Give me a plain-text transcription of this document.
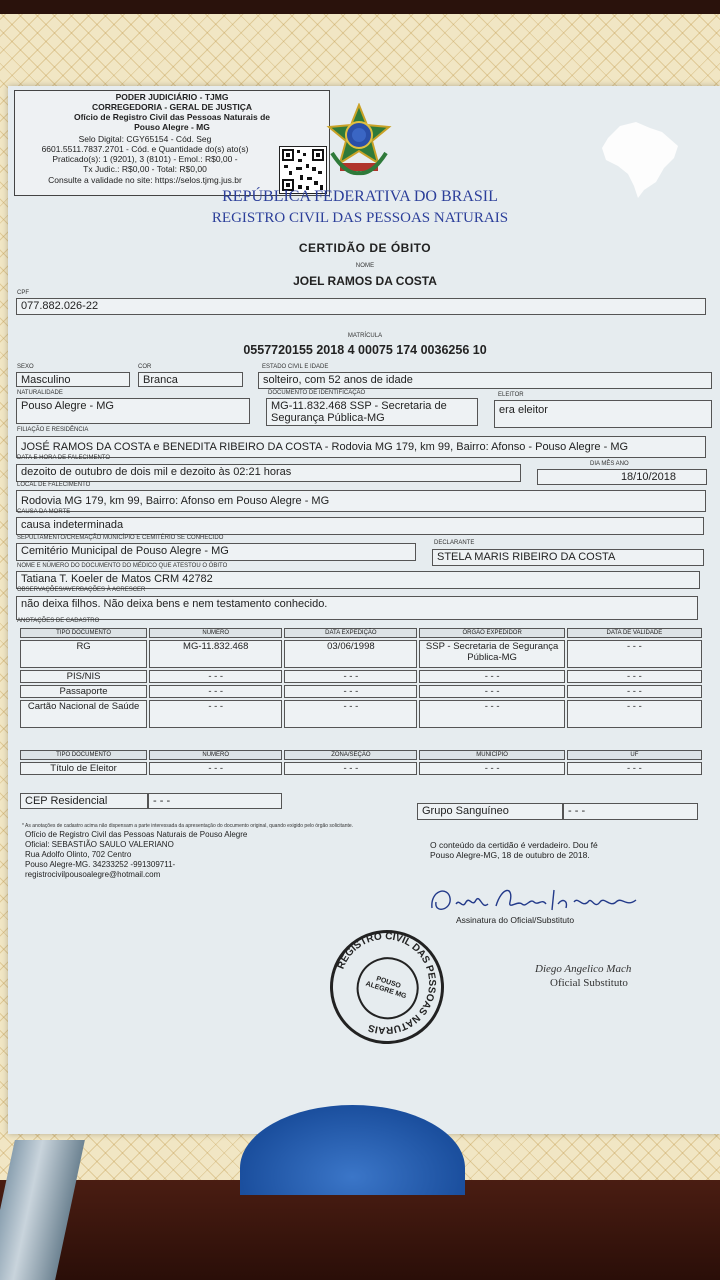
PODER JUDICIÁRIO - TJMG
CORREGEDORIA - GERAL DE JUSTIÇA
Ofício de Registro Civil das Pessoas Naturais de
Pouso Alegre - MG
Selo Digital: CGY65154 - Cód. Seg
6601.5511.7837.2701 - Cód. e Quantidade do(s) ato(s)
Praticado(s): 1 (9201), 3 (8101) - Emol.: R$0,00 -
Tx Judic.: R$0,00 - Total: R$0,00
Consulte a validade no site: https://selos.tjmg.jus.br
REPÚBLICA FEDERATIVA DO BRASIL
REGISTRO CIVIL DAS PESSOAS NATURAIS
CERTIDÃO DE ÓBITO
NOME
JOEL RAMOS DA COSTA
CPF
077.882.026-22
MATRÍCULA
0557720155 2018 4 00075 174 0036256 10
SEXO
Masculino
COR
Branca
ESTADO CIVIL E IDADE
solteiro, com 52 anos de idade
NATURALIDADE
Pouso Alegre - MG
DOCUMENTO DE IDENTIFICAÇÃO
MG-11.832.468 SSP - Secretaria de
Segurança Pública-MG
ELEITOR
era eleitor
FILIAÇÃO E RESIDÊNCIA
JOSÉ RAMOS DA COSTA e BENEDITA RIBEIRO DA COSTA - Rodovia MG 179, km 99, Bairro: Afonso - Pouso Alegre - MG
DATA E HORA DE FALECIMENTO
dezoito de outubro de dois mil e dezoito às 02:21 horas
DIA MÊS ANO
18/10/2018
LOCAL DE FALECIMENTO
Rodovia MG 179, km 99, Bairro: Afonso em Pouso Alegre - MG
CAUSA DA MORTE
causa indeterminada
SEPULTAMENTO/CREMAÇÃO MUNICÍPIO E CEMITÉRIO SE CONHECIDO
Cemitério Municipal de Pouso Alegre - MG
DECLARANTE
STELA MARIS RIBEIRO DA COSTA
NOME E NÚMERO DO DOCUMENTO DO MÉDICO QUE ATESTOU O ÓBITO
Tatiana T. Koeler de Matos CRM 42782
OBSERVAÇÕES/AVERBAÇÕES À ACRESCER
não deixa filhos. Não deixa bens e nem testamento conhecido.
ANOTAÇÕES DE CADASTRO
TIPO DOCUMENTO	NÚMERO	DATA EXPEDIÇÃO	ÓRGÃO EXPEDIDOR	DATA DE VALIDADE
RG	MG-11.832.468	03/06/1998	SSP - Secretaria de Segurança Pública-MG	- - -
PIS/NIS	- - -	- - -	- - -	- - -
Passaporte	- - -	- - -	- - -	- - -
Cartão Nacional de Saúde	- - -	- - -	- - -	- - -
TIPO DOCUMENTO	NÚMERO	ZONA/SEÇÃO	MUNICÍPIO	UF
Título de Eleitor	- - -	- - -	- - -	- - -
CEP Residencial	- - -
Grupo Sanguíneo	- - -
* As anotações de cadastro acima não dispensam a parte interessada da apresentação do documento original, quando exigido pelo órgão solicitante.
Ofício de Registro Civil das Pessoas Naturais de Pouso Alegre
Oficial: SEBASTIÃO SAULO VALERIANO
Rua Adolfo Olinto, 702 Centro
Pouso Alegre-MG. 34233252 -991309711-
registrocivilpousoalegre@hotmail.com
O conteúdo da certidão é verdadeiro. Dou fé
Pouso Alegre-MG, 18 de outubro de 2018.
Assinatura do Oficial/Substituto
Diego Angelico Mach
Oficial Substituto
REGISTRO CIVIL DAS PESSOAS NATURAIS
POUSO ALEGRE MG
